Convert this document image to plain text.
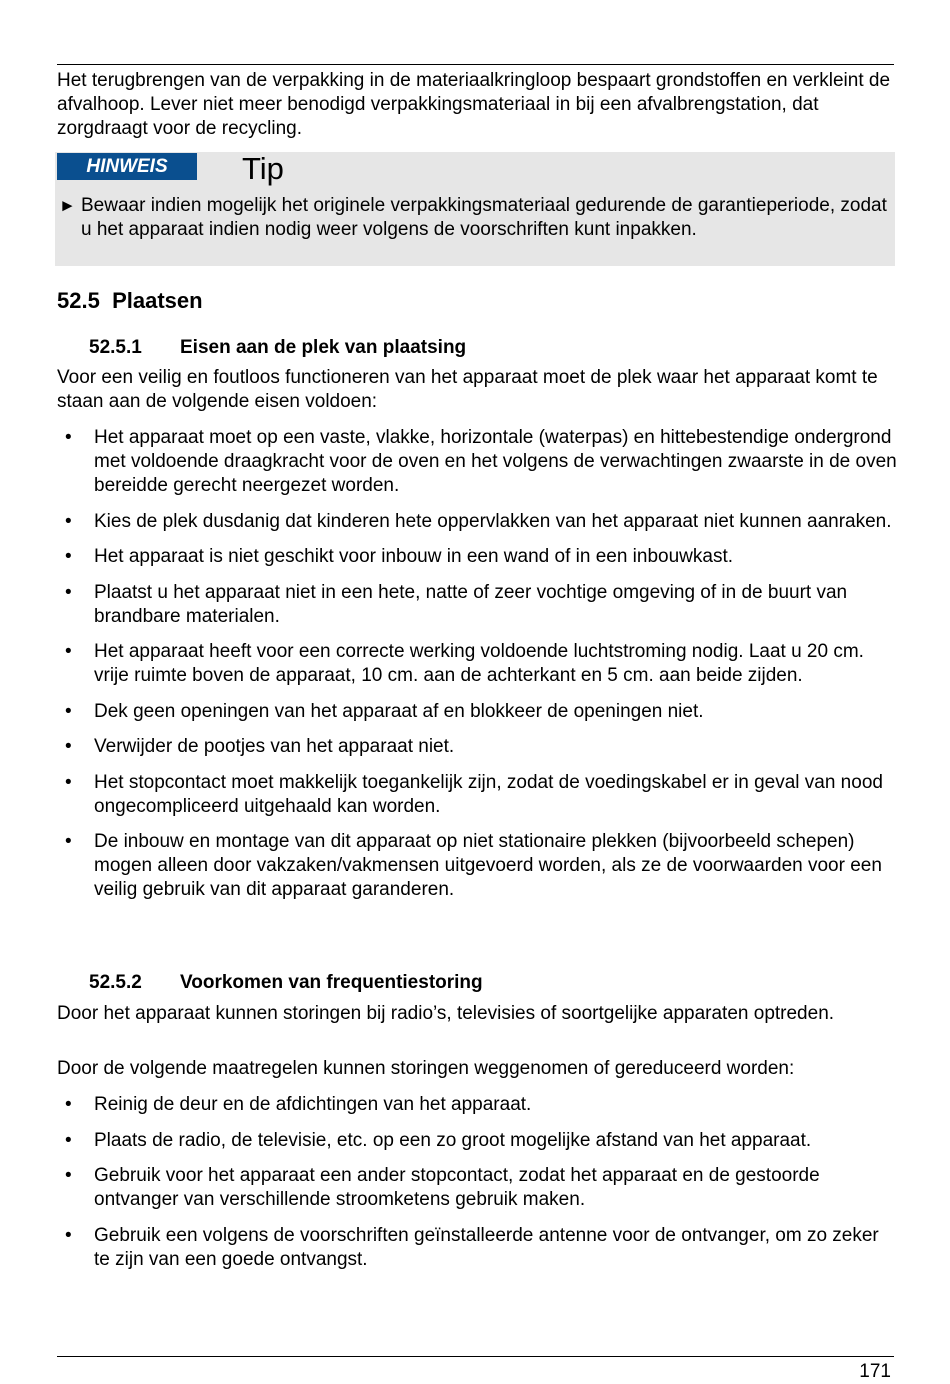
Het terugbrengen van de verpakking in de materiaalkringloop bespaart grondstoffen en verkleint de afvalhoop. Lever niet meer benodigd verpakkingsmateriaal in bij een afvalbrengstation, dat zorgdraagt voor de recycling.

HINWEIS	Tip
► Bewaar indien mogelijk het originele verpakkingsmateriaal gedurende de garantieperiode, zodat u het apparaat indien nodig weer volgens de voorschriften kunt inpakken.
52.5 Plaatsen
52.5.1 Eisen aan de plek van plaatsing

Voor een veilig en foutloos functioneren van het apparaat moet de plek waar het apparaat komt te staan aan de volgende eisen voldoen:

• Het apparaat moet op een vaste, vlakke, horizontale (waterpas) en hittebestendige ondergrond met voldoende draagkracht voor de oven en het volgens de verwachtingen zwaarste in de oven bereidde gerecht neergezet worden.
• Kies de plek dusdanig dat kinderen hete oppervlakken van het apparaat niet kunnen aanraken.
• Het apparaat is niet geschikt voor inbouw in een wand of in een inbouwkast.
• Plaatst u het apparaat niet in een hete, natte of zeer vochtige omgeving of in de buurt van brandbare materialen.
• Het apparaat heeft voor een correcte werking voldoende luchtstroming nodig. Laat u 20 cm. vrije ruimte boven de apparaat, 10 cm. aan de achterkant en 5 cm. aan beide zijden.
• Dek geen openingen van het apparaat af en blokkeer de openingen niet.
• Verwijder de pootjes van het apparaat niet.
• Het stopcontact moet makkelijk toegankelijk zijn, zodat de voedingskabel er in geval van nood ongecompliceerd uitgehaald kan worden.
• De inbouw en montage van dit apparaat op niet stationaire plekken (bijvoorbeeld schepen) mogen alleen door vakzaken/vakmensen uitgevoerd worden, als ze de voorwaarden voor een veilig gebruik van dit apparaat garanderen.
52.5.2 Voorkomen van frequentiestoring

Door het apparaat kunnen storingen bij radio’s, televisies of soortgelijke apparaten optreden.

Door de volgende maatregelen kunnen storingen weggenomen of gereduceerd worden:

• Reinig de deur en de afdichtingen van het apparaat.
• Plaats de radio, de televisie, etc. op een zo groot mogelijke afstand van het apparaat.
• Gebruik voor het apparaat een ander stopcontact, zodat het apparaat en de gestoorde ontvanger van verschillende stroomketens gebruik maken.
• Gebruik een volgens de voorschriften geïnstalleerde antenne voor de ontvanger, om zo zeker te zijn van een goede ontvangst.
171
